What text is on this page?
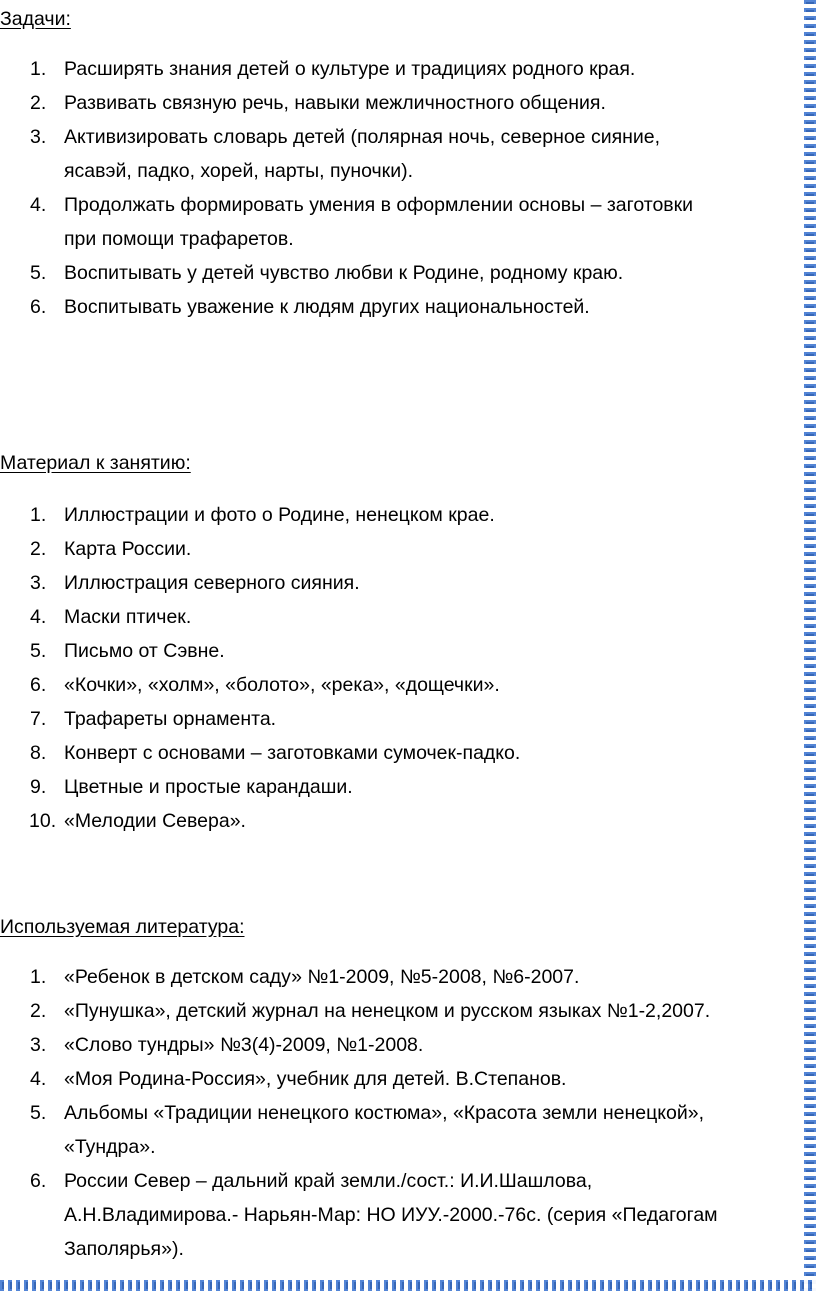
Задачи:
1. Расширять знания детей о культуре и традициях родного края.
2. Развивать связную речь, навыки межличностного общения.
3. Активизировать словарь детей (полярная ночь, северное сияние,
ясавэй, падко, хорей, нарты, пуночки).
4. Продолжать формировать умения в оформлении основы – заготовки
при помощи трафаретов.
5. Воспитывать у детей чувство любви к Родине, родному краю.
6. Воспитывать уважение к людям других национальностей.
Материал к занятию:
1. Иллюстрации и фото о Родине, ненецком крае.
2. Карта России.
3. Иллюстрация северного сияния.
4. Маски птичек.
5. Письмо от Сэвне.
6. «Кочки», «холм», «болото», «река», «дощечки».
7. Трафареты орнамента.
8. Конверт с основами – заготовками сумочек-падко.
9. Цветные и простые карандаши.
10. «Мелодии Севера».
Используемая литература:
1. «Ребенок в детском саду» №1-2009, №5-2008, №6-2007.
2. «Пунушка», детский журнал на ненецком и русском языках №1-2,2007.
3. «Слово тундры» №3(4)-2009, №1-2008.
4. «Моя Родина-Россия», учебник для детей. В.Степанов.
5. Альбомы «Традиции ненецкого костюма», «Красота земли ненецкой»,
«Тундра».
6. России Север – дальний край земли./сост.: И.И.Шашлова,
А.Н.Владимирова.- Нарьян-Мар: НО ИУУ.-2000.-76с. (серия «Педагогам
Заполярья»).
